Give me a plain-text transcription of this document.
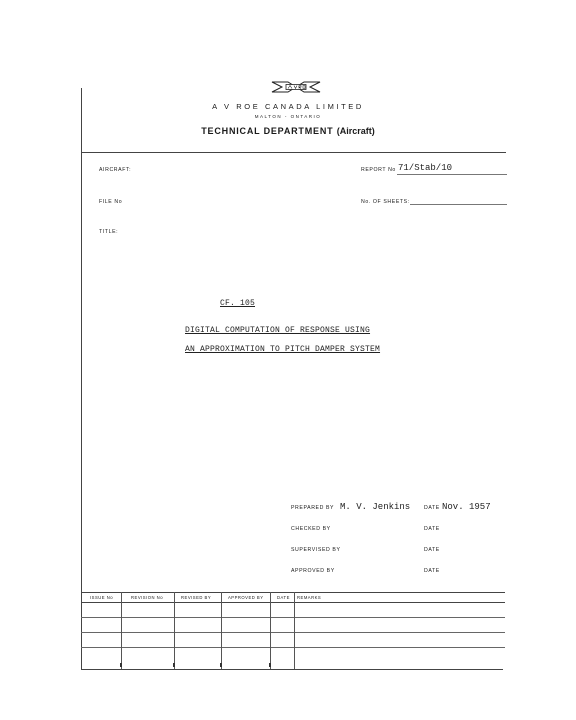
A V ROE CANADA LIMITED
MALTON - ONTARIO
TECHNICAL DEPARTMENT (Aircraft)
AIRCRAFT:	REPORT No 71/Stab/10
FILE No	No. OF SHEETS:
TITLE:
CF. 105
DIGITAL COMPUTATION OF RESPONSE USING
AN APPROXIMATION TO PITCH DAMPER SYSTEM
PREPARED BY M. V. Jenkins	DATE Nov. 1957
CHECKED BY	DATE
SUPERVISED BY	DATE
APPROVED BY	DATE
ISSUE No	REVISION No	REVISED BY	APPROVED BY	DATE REMARKS
